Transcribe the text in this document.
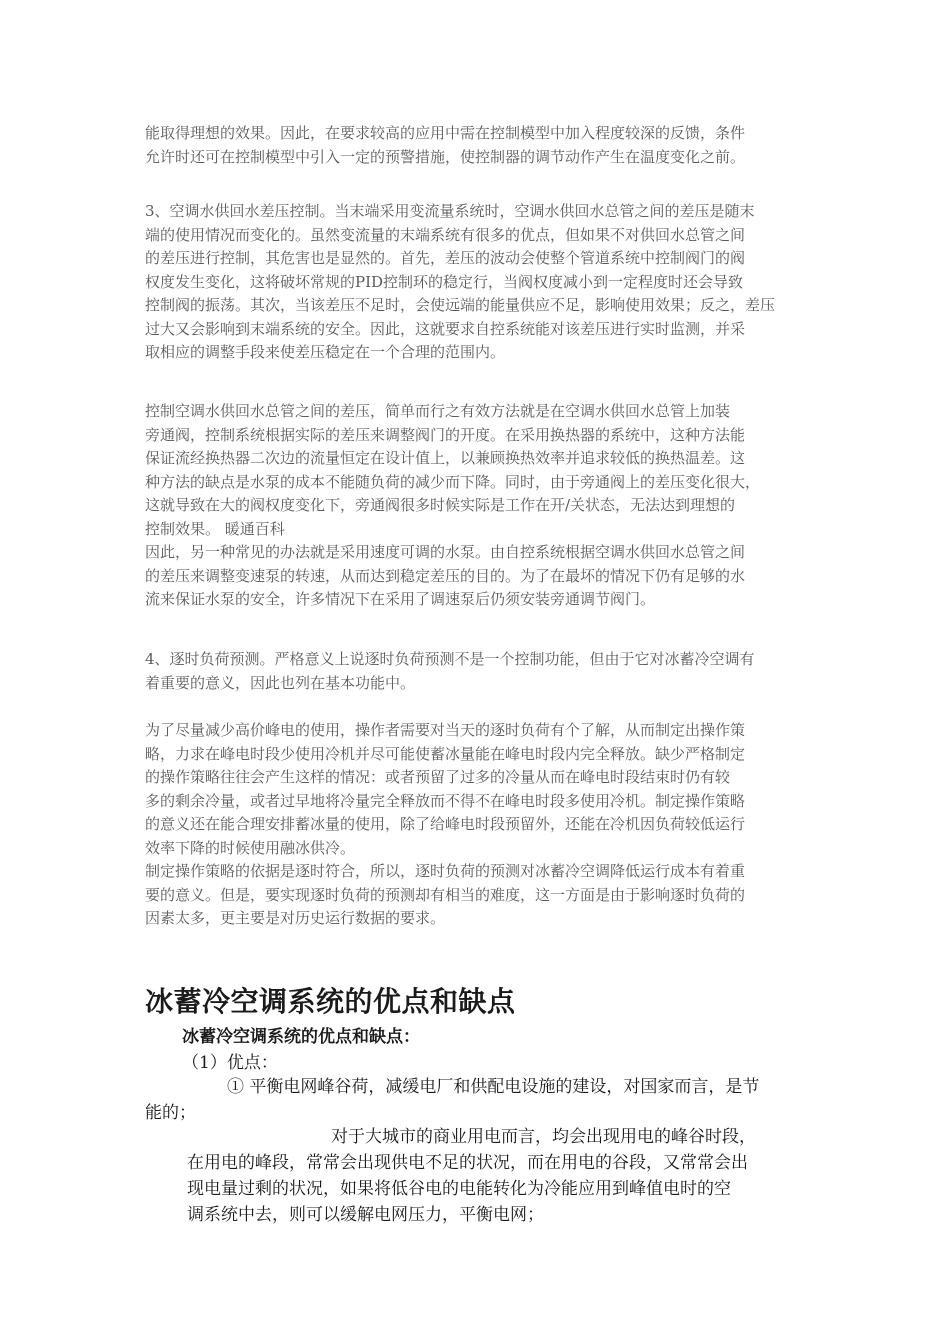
能取得理想的效果。因此，在要求较高的应用中需在控制模型中加入程度较深的反馈，条件
允许时还可在控制模型中引入一定的预警措施，使控制器的调节动作产生在温度变化之前。
3、空调水供回水差压控制。当末端采用变流量系统时，空调水供回水总管之间的差压是随末
端的使用情况而变化的。虽然变流量的末端系统有很多的优点，但如果不对供回水总管之间
的差压进行控制，其危害也是显然的。首先，差压的波动会使整个管道系统中控制阀门的阀
权度发生变化，这将破坏常规的PID控制环的稳定行，当阀权度减小到一定程度时还会导致
控制阀的振荡。其次，当该差压不足时，会使远端的能量供应不足，影响使用效果；反之，差压
过大又会影响到末端系统的安全。因此，这就要求自控系统能对该差压进行实时监测，并采
取相应的调整手段来使差压稳定在一个合理的范围内。
控制空调水供回水总管之间的差压，简单而行之有效方法就是在空调水供回水总管上加装
旁通阀，控制系统根据实际的差压来调整阀门的开度。在采用换热器的系统中，这种方法能
保证流经换热器二次边的流量恒定在设计值上，以兼顾换热效率并追求较低的换热温差。这
种方法的缺点是水泵的成本不能随负荷的减少而下降。同时，由于旁通阀上的差压变化很大，
这就导致在大的阀权度变化下，旁通阀很多时候实际是工作在开/关状态，无法达到理想的
控制效果。 暖通百科
因此，另一种常见的办法就是采用速度可调的水泵。由自控系统根据空调水供回水总管之间
的差压来调整变速泵的转速，从而达到稳定差压的目的。为了在最坏的情况下仍有足够的水
流来保证水泵的安全，许多情况下在采用了调速泵后仍须安装旁通调节阀门。
4、逐时负荷预测。严格意义上说逐时负荷预测不是一个控制功能，但由于它对冰蓄冷空调有
着重要的意义，因此也列在基本功能中。
为了尽量减少高价峰电的使用，操作者需要对当天的逐时负荷有个了解，从而制定出操作策
略，力求在峰电时段少使用冷机并尽可能使蓄冰量能在峰电时段内完全释放。缺少严格制定
的操作策略往往会产生这样的情况：或者预留了过多的冷量从而在峰电时段结束时仍有较
多的剩余冷量，或者过早地将冷量完全释放而不得不在峰电时段多使用冷机。制定操作策略
的意义还在能合理安排蓄冰量的使用，除了给峰电时段预留外，还能在冷机因负荷较低运行
效率下降的时候使用融冰供冷。
制定操作策略的依据是逐时符合，所以，逐时负荷的预测对冰蓄冷空调降低运行成本有着重
要的意义。但是，要实现逐时负荷的预测却有相当的难度，这一方面是由于影响逐时负荷的
因素太多，更主要是对历史运行数据的要求。
冰蓄冷空调系统的优点和缺点
冰蓄冷空调系统的优点和缺点：
（1）优点：
① 平衡电网峰谷荷，减缓电厂和供配电设施的建设，对国家而言，是节
能的；
对于大城市的商业用电而言，均会出现用电的峰谷时段，
在用电的峰段，常常会出现供电不足的状况，而在用电的谷段，又常常会出
现电量过剩的状况，如果将低谷电的电能转化为冷能应用到峰值电时的空
调系统中去，则可以缓解电网压力，平衡电网；
